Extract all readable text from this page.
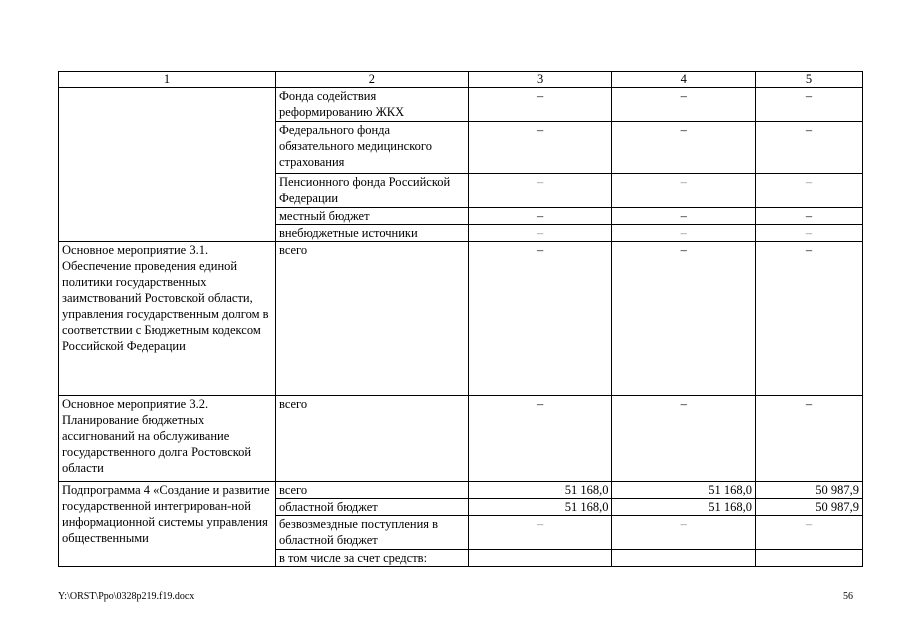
1	2	3	4	5
	Фонда содействия реформированию ЖКХ	–	–	–
	Федерального фонда обязательного медицинского страхования	–	–	–
	Пенсионного фонда Российской Федерации	–	–	–
	местный бюджет	–	–	–
	внебюджетные источники	–	–	–
Основное мероприятие 3.1. Обеспечение проведения единой политики государственных заимствований Ростовской области, управления государственным долгом в соответствии с Бюджетным кодексом Российской Федерации	всего	–	–	–
Основное мероприятие 3.2. Планирование бюджетных ассигнований на обслуживание государственного долга Ростовской области	всего	–	–	–
Подпрограмма 4 «Создание и развитие государственной интегрирован-ной информационной системы управления общественными	всего	51 168,0	51 168,0	50 987,9
	областной бюджет	51 168,0	51 168,0	50 987,9
	безвозмездные поступления в областной бюджет	–	–	–
	в том числе за счет средств:			
Y:\ORST\Ppo\0328p219.f19.docx	56
